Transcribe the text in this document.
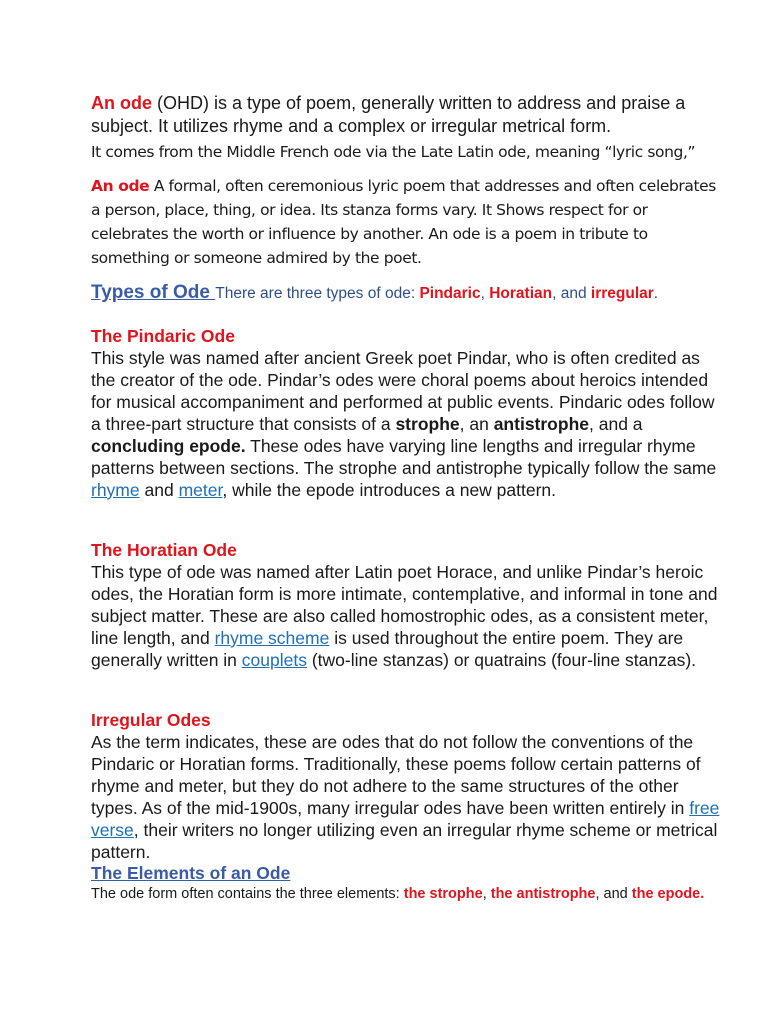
An ode (OHD) is a type of poem, generally written to address and praise a subject. It utilizes rhyme and a complex or irregular metrical form.

It comes from the Middle French ode via the Late Latin ode, meaning “lyric song,”

An ode A formal, often ceremonious lyric poem that addresses and often celebrates a person, place, thing, or idea. Its stanza forms vary. It Shows respect for or celebrates the worth or influence by another. An ode is a poem in tribute to something or someone admired by the poet.

Types of Ode There are three types of ode: Pindaric, Horatian, and irregular.

The Pindaric Ode
This style was named after ancient Greek poet Pindar, who is often credited as the creator of the ode. Pindar’s odes were choral poems about heroics intended for musical accompaniment and performed at public events. Pindaric odes follow a three-part structure that consists of a strophe, an antistrophe, and a concluding epode. These odes have varying line lengths and irregular rhyme patterns between sections. The strophe and antistrophe typically follow the same rhyme and meter, while the epode introduces a new pattern.
The Horatian Ode
This type of ode was named after Latin poet Horace, and unlike Pindar’s heroic odes, the Horatian form is more intimate, contemplative, and informal in tone and subject matter. These are also called homostrophic odes, as a consistent meter, line length, and rhyme scheme is used throughout the entire poem. They are generally written in couplets (two-line stanzas) or quatrains (four-line stanzas).
Irregular Odes
As the term indicates, these are odes that do not follow the conventions of the Pindaric or Horatian forms. Traditionally, these poems follow certain patterns of rhyme and meter, but they do not adhere to the same structures of the other types. As of the mid-1900s, many irregular odes have been written entirely in free verse, their writers no longer utilizing even an irregular rhyme scheme or metrical pattern.
The Elements of an Ode
The ode form often contains the three elements: the strophe, the antistrophe, and the epode.
